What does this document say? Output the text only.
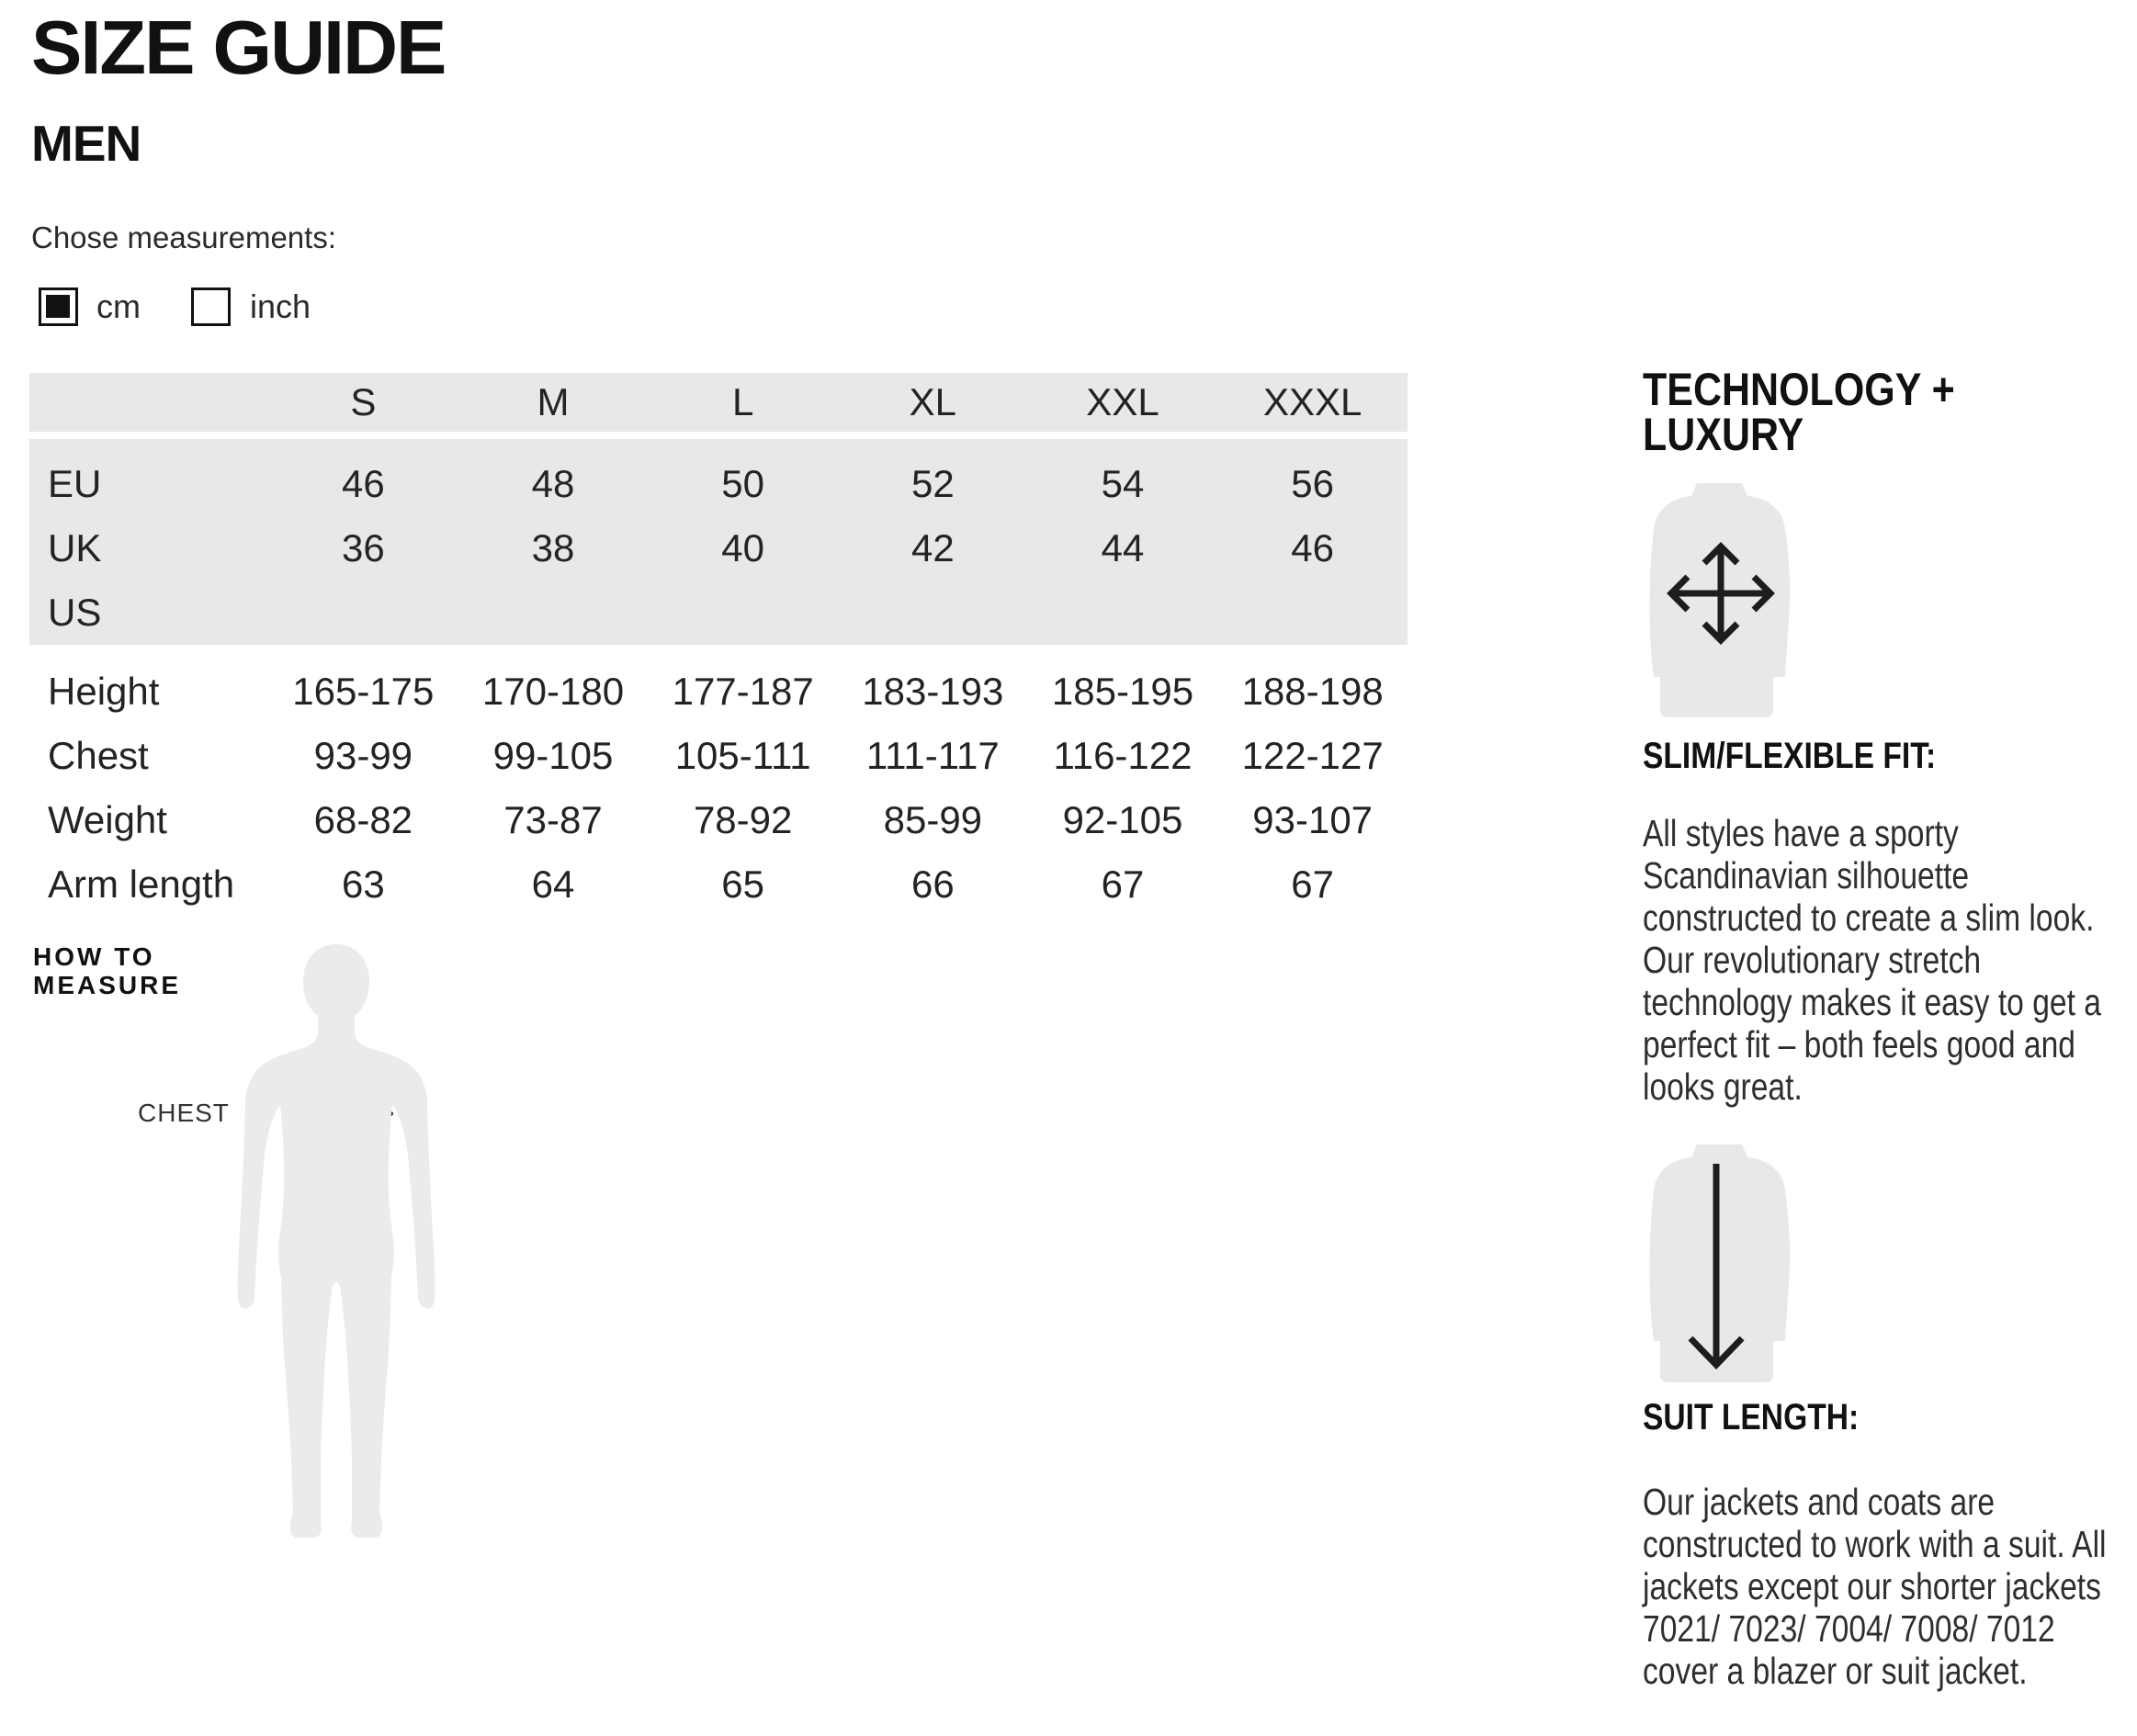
SIZE GUIDE
MEN
Chose measurements:
cm	inch
S	M	L	XL	XXL	XXXL
EU	46	48	50	52	54	56
UK	36	38	40	42	44	46
US
Height	165-175	170-180	177-187	183-193	185-195	188-198
Chest	93-99	99-105	105-111	111-117	116-122	122-127
Weight	68-82	73-87	78-92	85-99	92-105	93-107
Arm length	63	64	65	66	67	67
HOW TO
MEASURE
CHEST
TECHNOLOGY +
LUXURY
SLIM/FLEXIBLE FIT:
All styles have a sporty
Scandinavian silhouette
constructed to create a slim look.
Our revolutionary stretch
technology makes it easy to get a
perfect fit – both feels good and
looks great.
SUIT LENGTH:
Our jackets and coats are
constructed to work with a suit. All
jackets except our shorter jackets
7021/ 7023/ 7004/ 7008/ 7012
cover a blazer or suit jacket.
